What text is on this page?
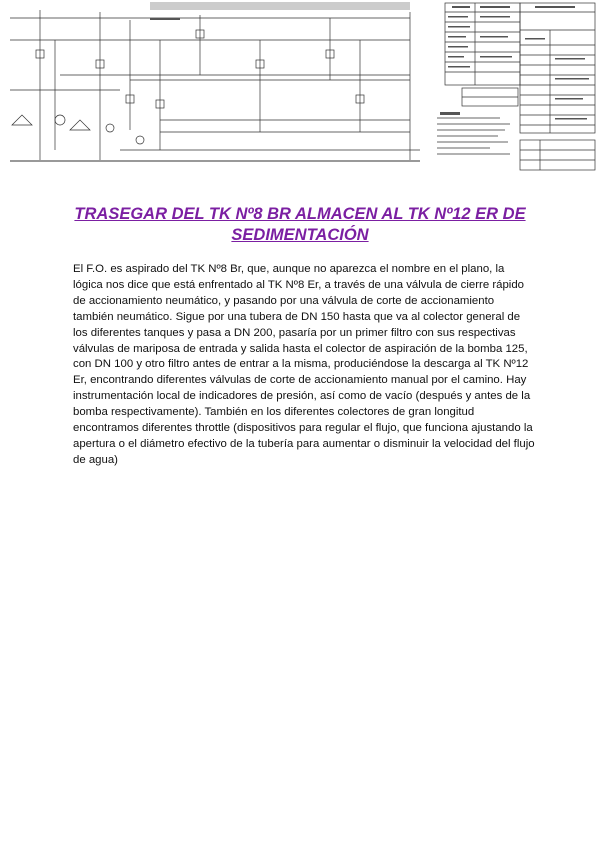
TRASEGAR DEL TK Nº8 BR ALMACEN AL TK Nº12 ER DE SEDIMENTACIÓN

El F.O. es aspirado del TK Nº8 Br, que, aunque no aparezca el nombre en el plano, la lógica nos dice que está enfrentado al TK Nº8 Er, a través de una válvula de cierre rápido de accionamiento neumático, y pasando por una válvula de corte de accionamiento también neumático. Sigue por una tubera de DN 150 hasta que va al colector general de los diferentes tanques y pasa a DN 200, pasaría por un primer filtro con sus respectivas válvulas de mariposa de entrada y salida hasta el colector de aspiración de la bomba 125, con DN 100 y otro filtro antes de entrar a la misma, produciéndose la descarga al TK Nº12 Er, encontrando diferentes válvulas de corte de accionamiento manual por el camino. Hay instrumentación local de indicadores de presión, así como de vacío (después y antes de la bomba respectivamente). También en los diferentes colectores de gran longitud encontramos diferentes throttle (dispositivos para regular el flujo, que funciona ajustando la apertura o el diámetro efectivo de la tubería para aumentar o disminuir la velocidad del flujo de agua)
